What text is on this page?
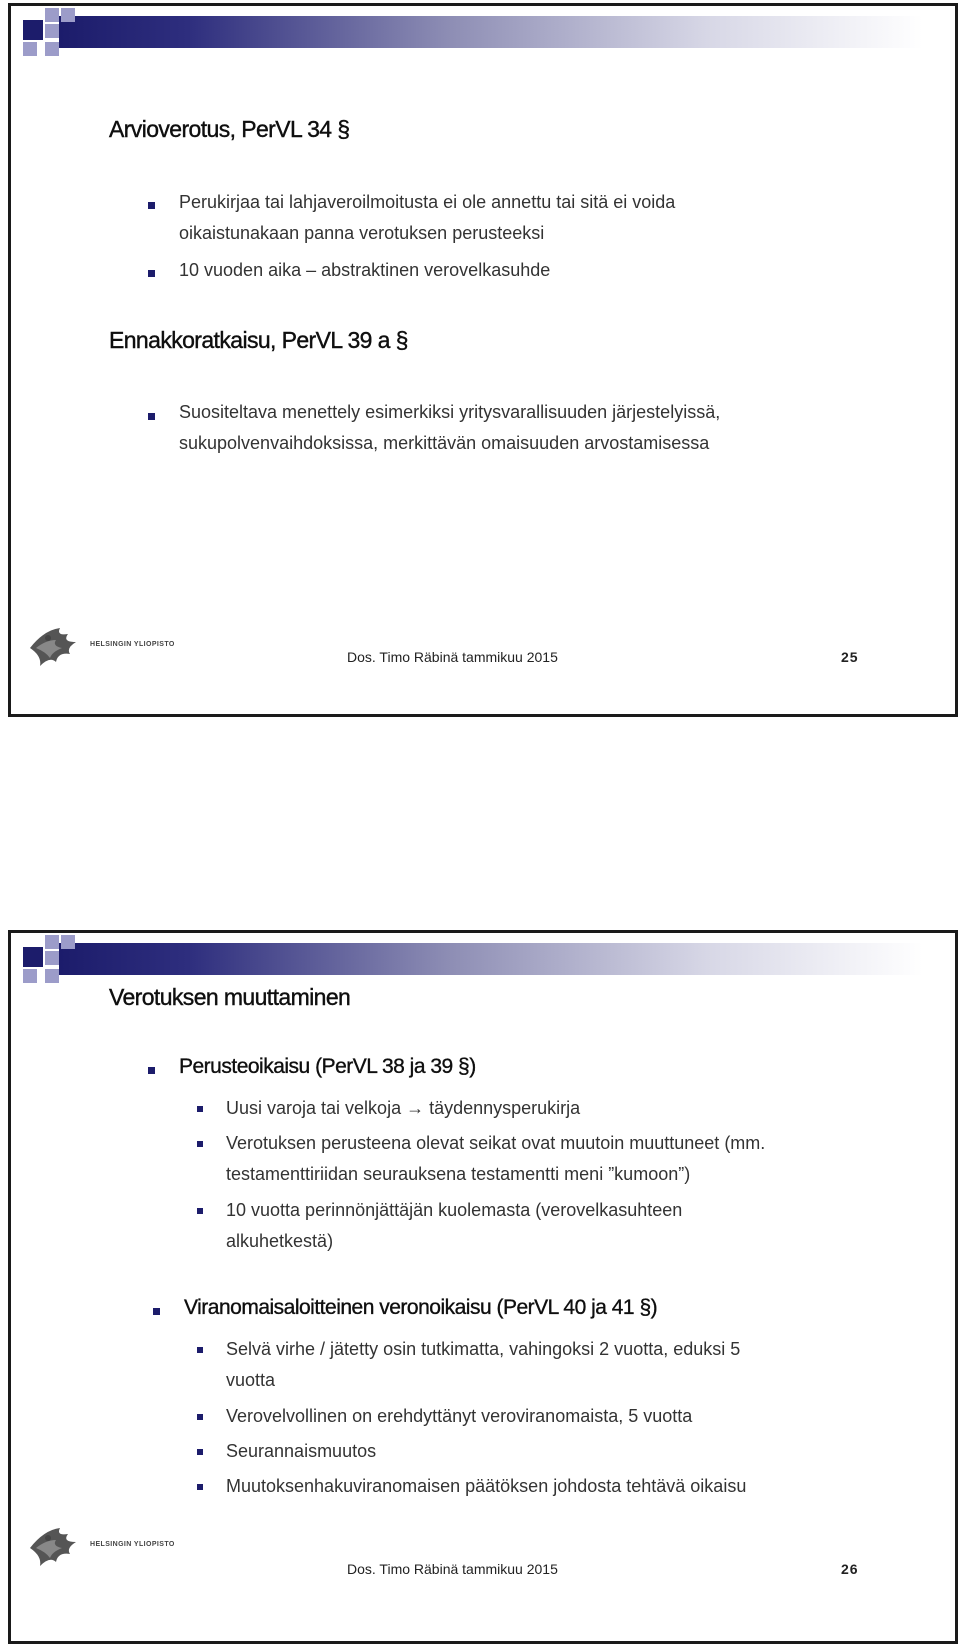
Arvioverotus, PerVL 34 §
Perukirjaa tai lahjaveroilmoitusta ei ole annettu tai sitä ei voida
oikaistunakaan panna verotuksen perusteeksi
10 vuoden aika – abstraktinen verovelkasuhde
Ennakkoratkaisu, PerVL 39 a §
Suositeltava menettely esimerkiksi yritysvarallisuuden järjestelyissä,
sukupolvenvaihdoksissa, merkittävän omaisuuden arvostamisessa
HELSINGIN YLIOPISTO
Dos. Timo Räbinä tammikuu 2015	25
Verotuksen muuttaminen
Perusteoikaisu (PerVL 38 ja 39 §)
Uusi varoja tai velkoja → täydennysperukirja
Verotuksen perusteena olevat seikat ovat muutoin muuttuneet (mm.
testamenttiriidan seurauksena testamentti meni ”kumoon”)
10 vuotta perinnönjättäjän kuolemasta (verovelkasuhteen
alkuhetkestä)
Viranomaisaloitteinen veronoikaisu (PerVL 40 ja 41 §)
Selvä virhe / jätetty osin tutkimatta, vahingoksi 2 vuotta, eduksi 5
vuotta
Verovelvollinen on erehdyttänyt veroviranomaista, 5 vuotta
Seurannaismuutos
Muutoksenhakuviranomaisen päätöksen johdosta tehtävä oikaisu
HELSINGIN YLIOPISTO
Dos. Timo Räbinä tammikuu 2015	26
